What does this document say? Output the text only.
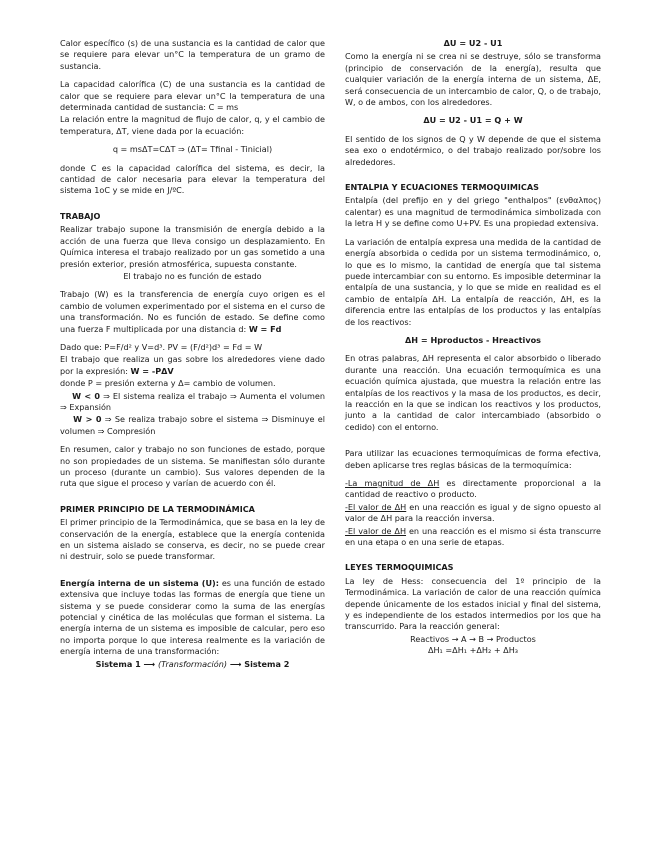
Calor específico (s) de una sustancia es la cantidad de calor que se requiere para elevar un°C la temperatura de un gramo de sustancia.

La capacidad calorífica (C) de una sustancia es la cantidad de calor que se requiere para elevar un°C la temperatura de una determinada cantidad de sustancia: C = ms

La relación entre la magnitud de flujo de calor, q, y el cambio de temperatura, ΔT, viene dada por la ecuación:

q = msΔT=CΔT ⇒ (ΔT= Tfinal - Tinicial)

donde C es la capacidad calorífica del sistema, es decir, la cantidad de calor necesaria para elevar la temperatura del sistema 1oC y se mide en J/ºC.

TRABAJO

Realizar trabajo supone la transmisión de energía debido a la acción de una fuerza que lleva consigo un desplazamiento. En Química interesa el trabajo realizado por un gas sometido a una presión exterior, presión atmosférica, supuesta constante.

El trabajo no es función de estado

Trabajo (W) es la transferencia de energía cuyo origen es el cambio de volumen experimentado por el sistema en el curso de una transformación. No es función de estado. Se define como una fuerza F multiplicada por una distancia d: W = Fd

Dado que: P=F/d² y V=d³. PV = (F/d²)d³ = Fd = W

El trabajo que realiza un gas sobre los alrededores viene dado por la expresión: W = -PΔV

donde P = presión externa y Δ= cambio de volumen.

W < 0 ⇒ El sistema realiza el trabajo ⇒ Aumenta el volumen ⇒ Expansión

W > 0 ⇒ Se realiza trabajo sobre el sistema ⇒ Disminuye el volumen ⇒ Compresión

En resumen, calor y trabajo no son funciones de estado, porque no son propiedades de un sistema. Se manifiestan sólo durante un proceso (durante un cambio). Sus valores dependen de la ruta que sigue el proceso y varían de acuerdo con él.

PRIMER PRINCIPIO DE LA TERMODINÁMICA

El primer principio de la Termodinámica, que se basa en la ley de conservación de la energía, establece que la energía contenida en un sistema aislado se conserva, es decir, no se puede crear ni destruir, solo se puede transformar.

Energía interna de un sistema (U): es una función de estado extensiva que incluye todas las formas de energía que tiene un sistema y se puede considerar como la suma de las energías potencial y cinética de las moléculas que forman el sistema. La energía interna de un sistema es imposible de calcular, pero eso no importa porque lo que interesa realmente es la variación de energía interna de una transformación:

Sistema 1 ⟶ (Transformación) ⟶ Sistema 2
ΔU = U2 - U1

Como la energía ni se crea ni se destruye, sólo se transforma (principio de conservación de la energía), resulta que cualquier variación de la energía interna de un sistema, ΔE, será consecuencia de un intercambio de calor, Q, o de trabajo, W, o de ambos, con los alrededores.

ΔU = U2 - U1 = Q + W

El sentido de los signos de Q y W depende de que el sistema sea exo o endotérmico, o del trabajo realizado por/sobre los alrededores.

ENTALPIA Y ECUACIONES TERMOQUIMICAS

Entalpía (del prefijo en y del griego "enthalpos" (ενθαλπος) calentar) es una magnitud de termodinámica simbolizada con la letra H y se define como U+PV. Es una propiedad extensiva.

La variación de entalpía expresa una medida de la cantidad de energía absorbida o cedida por un sistema termodinámico, o, lo que es lo mismo, la cantidad de energía que tal sistema puede intercambiar con su entorno. Es imposible determinar la entalpía de una sustancia, y lo que se mide en realidad es el cambio de entalpía ΔH. La entalpía de reacción, ΔH, es la diferencia entre las entalpías de los productos y las entalpías de los reactivos:

ΔH = Hproductos - Hreactivos

En otras palabras, ΔH representa el calor absorbido o liberado durante una reacción. Una ecuación termoquímica es una ecuación química ajustada, que muestra la relación entre las entalpías de los reactivos y la masa de los productos, es decir, la reacción en la que se indican los reactivos y los productos, junto a la cantidad de calor intercambiado (absorbido o cedido) con el entorno.

Para utilizar las ecuaciones termoquímicas de forma efectiva, deben aplicarse tres reglas básicas de la termoquímica:

-La magnitud de ΔH es directamente proporcional a la cantidad de reactivo o producto.

-El valor de ΔH en una reacción es igual y de signo opuesto al valor de ΔH para la reacción inversa.

-El valor de ΔH en una reacción es el mismo si ésta transcurre en una etapa o en una serie de etapas.

LEYES TERMOQUIMICAS

La ley de Hess: consecuencia del 1º principio de la Termodinámica. La variación de calor de una reacción química depende únicamente de los estados inicial y final del sistema, y es independiente de los estados intermedios por los que ha transcurrido. Para la reacción general:

Reactivos → A → B → Productos
ΔH₁ =ΔH₁ +ΔH₂ + ΔH₃
